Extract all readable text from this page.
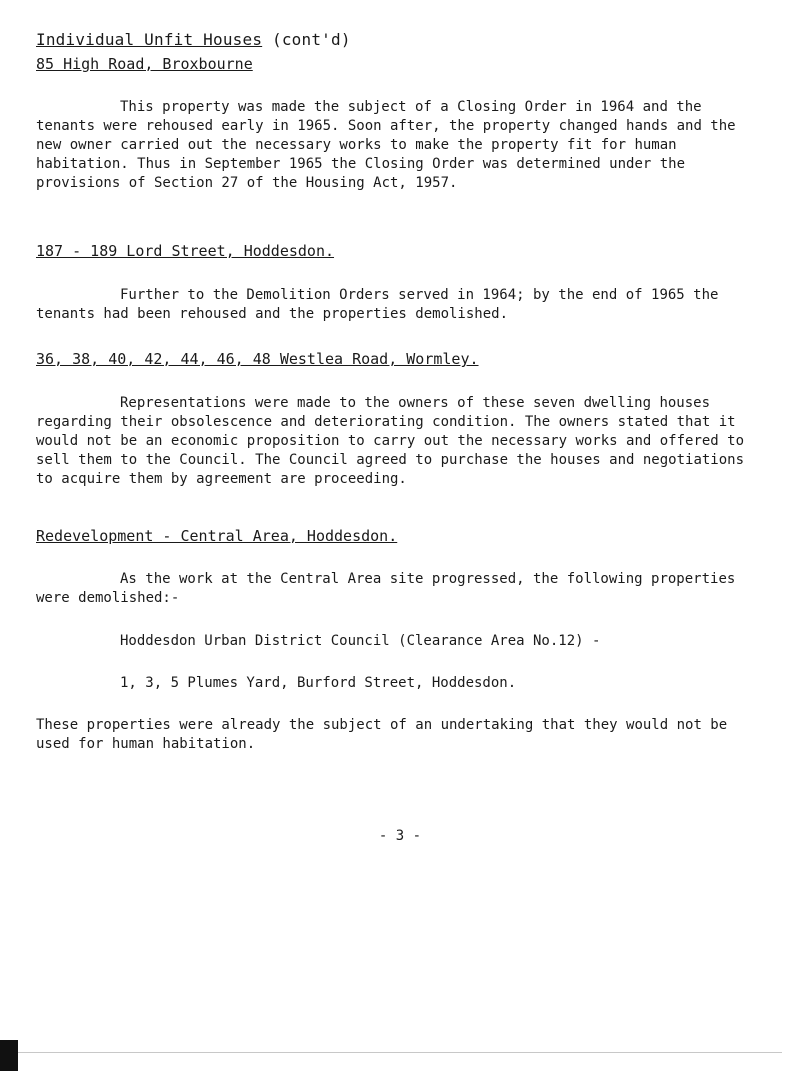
Individual Unfit Houses (cont'd)
85 High Road, Broxbourne

This property was made the subject of a Closing Order in 1964 and the tenants were rehoused early in 1965. Soon after, the property changed hands and the new owner carried out the necessary works to make the property fit for human habitation. Thus in September 1965 the Closing Order was determined under the provisions of Section 27 of the Housing Act, 1957.

187 - 189 Lord Street, Hoddesdon.

Further to the Demolition Orders served in 1964; by the end of 1965 the tenants had been rehoused and the properties demolished.

36, 38, 40, 42, 44, 46, 48 Westlea Road, Wormley.

Representations were made to the owners of these seven dwelling houses regarding their obsolescence and deteriorating condition. The owners stated that it would not be an economic proposition to carry out the necessary works and offered to sell them to the Council. The Council agreed to purchase the houses and negotiations to acquire them by agreement are proceeding.

Redevelopment - Central Area, Hoddesdon.

As the work at the Central Area site progressed, the following properties were demolished:-

Hoddesdon Urban District Council (Clearance Area No.12) -
1, 3, 5 Plumes Yard, Burford Street, Hoddesdon.

These properties were already the subject of an undertaking that they would not be used for human habitation.

- 3 -
